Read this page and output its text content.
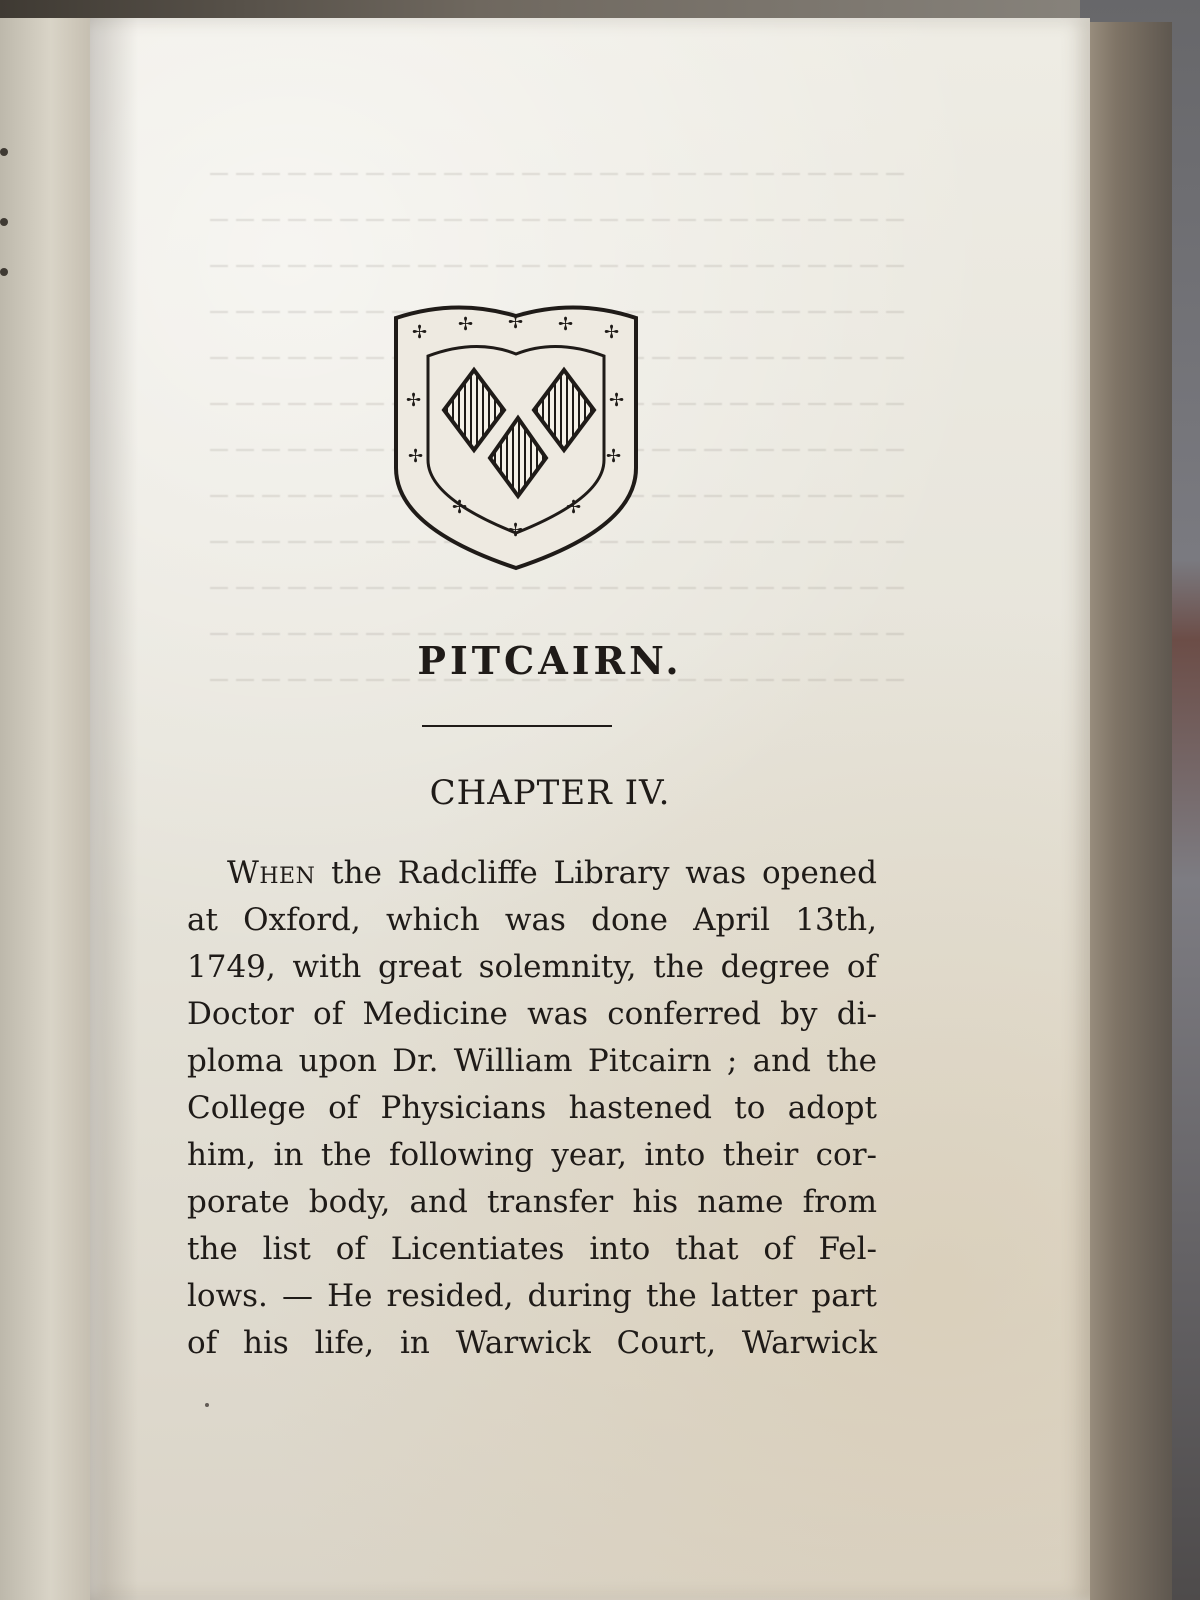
✢ ✢ ✢ ✢ ✢
✢	✢
✢	✢
✢
✢
✢
PITCAIRN.
CHAPTER IV.
When the Radcliffe Library was opened
at Oxford, which was done April 13th,
1749, with great solemnity, the degree of
Doctor of Medicine was conferred by di-
ploma upon Dr. William Pitcairn ; and the
College of Physicians hastened to adopt
him, in the following year, into their cor-
porate body, and transfer his name from
the list of Licentiates into that of Fel-
lows. — He resided, during the latter part
of his life, in Warwick Court, Warwick
